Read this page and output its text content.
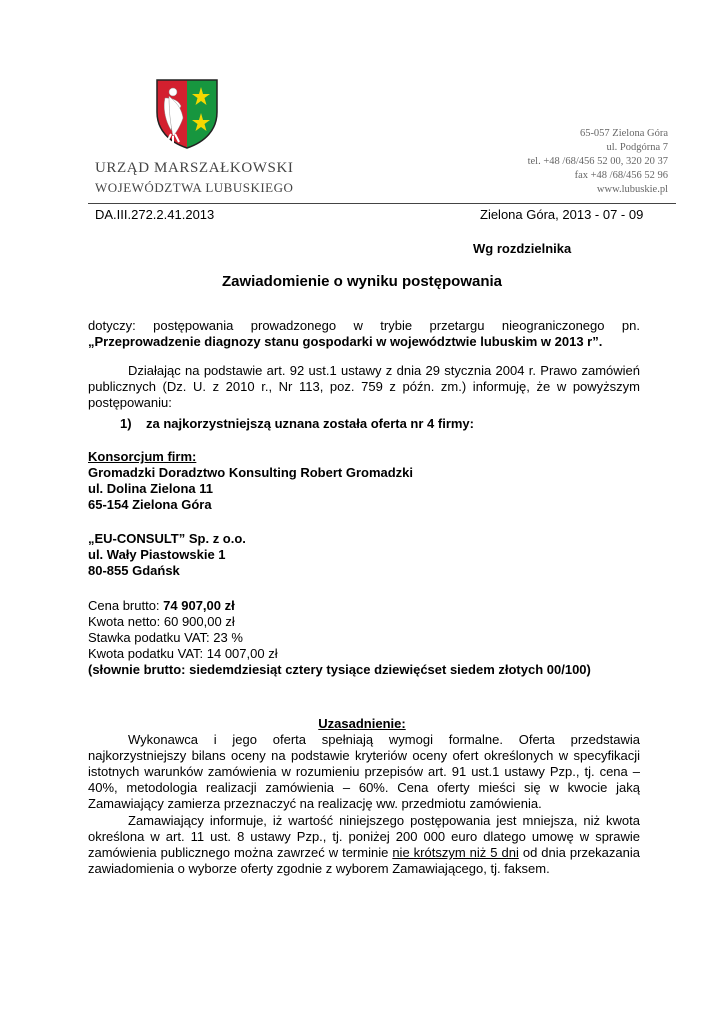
URZĄD MARSZAŁKOWSKI
WOJEWÓDZTWA LUBUSKIEGO
65-057 Zielona Góra
ul. Podgórna 7
tel. +48 /68/456 52 00, 320 20 37
fax +48 /68/456 52 96
www.lubuskie.pl
DA.III.272.2.41.2013	Zielona Góra, 2013 - 07 - 09
Wg rozdzielnika
Zawiadomienie o wyniku postępowania
dotyczy: postępowania prowadzonego w trybie przetargu nieograniczonego pn. „Przeprowadzenie diagnozy stanu gospodarki w województwie lubuskim w 2013 r”.
Działając na podstawie art. 92 ust.1 ustawy z dnia 29 stycznia 2004 r. Prawo zamówień publicznych (Dz. U. z 2010 r., Nr 113, poz. 759 z późn. zm.) informuję, że w powyższym postępowaniu:
1) za najkorzystniejszą uznana została oferta nr 4 firmy:
Konsorcjum firm:
Gromadzki Doradztwo Konsulting Robert Gromadzki
ul. Dolina Zielona 11
65-154 Zielona Góra
„EU-CONSULT” Sp. z o.o.
ul. Wały Piastowskie 1
80-855 Gdańsk
Cena brutto: 74 907,00 zł
Kwota netto: 60 900,00 zł
Stawka podatku VAT: 23 %
Kwota podatku VAT: 14 007,00 zł
(słownie brutto: siedemdziesiąt cztery tysiące dziewięćset siedem złotych 00/100)
Uzasadnienie:
Wykonawca i jego oferta spełniają wymogi formalne. Oferta przedstawia najkorzystniejszy bilans oceny na podstawie kryteriów oceny ofert określonych w specyfikacji istotnych warunków zamówienia w rozumieniu przepisów art. 91 ust.1 ustawy Pzp., tj. cena – 40%, metodologia realizacji zamówienia – 60%. Cena oferty mieści się w kwocie jaką Zamawiający zamierza przeznaczyć na realizację ww. przedmiotu zamówienia.
Zamawiający informuje, iż wartość niniejszego postępowania jest mniejsza, niż kwota określona w art. 11 ust. 8 ustawy Pzp., tj. poniżej 200 000 euro dlatego umowę w sprawie zamówienia publicznego można zawrzeć w terminie nie krótszym niż 5 dni od dnia przekazania zawiadomienia o wyborze oferty zgodnie z wyborem Zamawiającego, tj. faksem.
